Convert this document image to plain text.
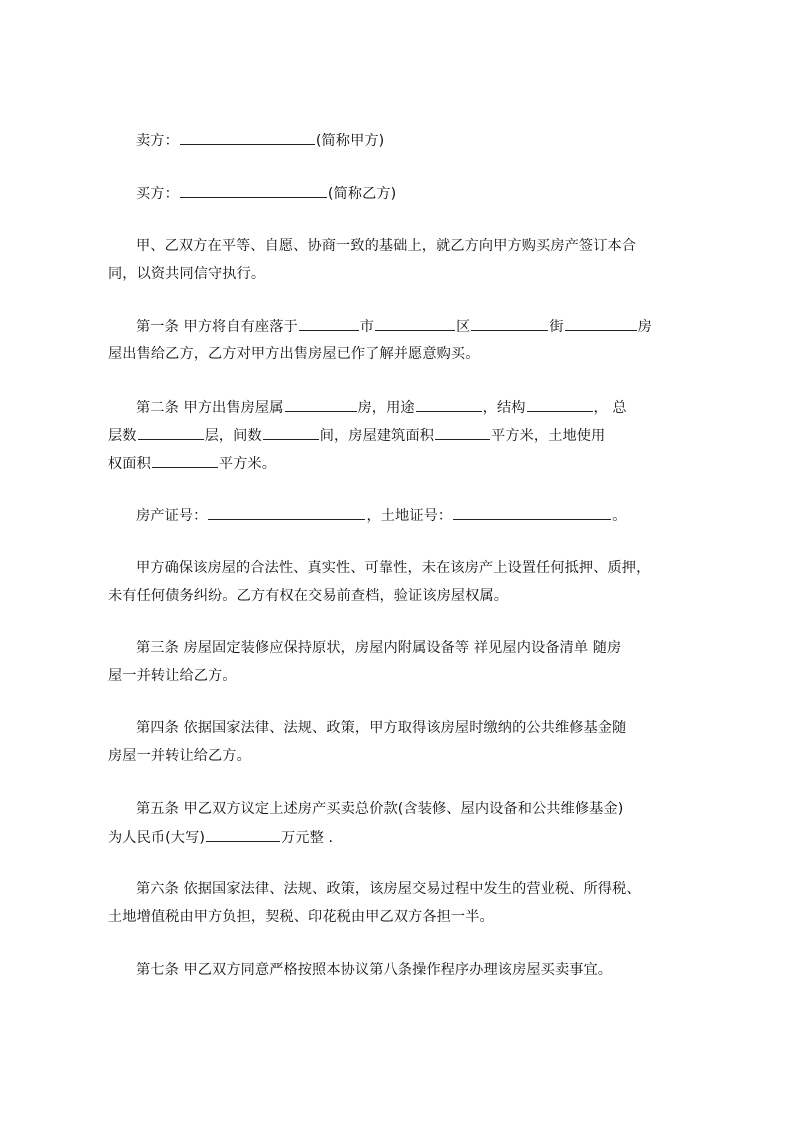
卖方：	(简称甲方)
买方：	(简称乙方)
甲、乙双方在平等、自愿、协商一致的基础上，就乙方向甲方购买房产签订本合
同，以资共同信守执行。
第一条 甲方将自有座落于	市	区	街	房
屋出售给乙方，乙方对甲方出售房屋已作了解并愿意购买。
第二条 甲方出售房屋属	房，用途	，结构	， 总
层数	层，间数	间，房屋建筑面积	平方米，土地使用
权面积	平方米。
房产证号：	，土地证号：	。
甲方确保该房屋的合法性、真实性、可靠性，未在该房产上设置任何抵押、质押，
未有任何债务纠纷。乙方有权在交易前查档，验证该房屋权属。
第三条 房屋固定装修应保持原状，房屋内附属设备等 祥见屋内设备清单 随房
屋一并转让给乙方。
第四条 依据国家法律、法规、政策，甲方取得该房屋时缴纳的公共维修基金随
房屋一并转让给乙方。
第五条 甲乙双方议定上述房产买卖总价款(含装修、屋内设备和公共维修基金)
为人民币(大写)	万元整 .
第六条 依据国家法律、法规、政策，该房屋交易过程中发生的营业税、所得税、
土地增值税由甲方负担，契税、印花税由甲乙双方各担一半。
第七条 甲乙双方同意严格按照本协议第八条操作程序办理该房屋买卖事宜。
